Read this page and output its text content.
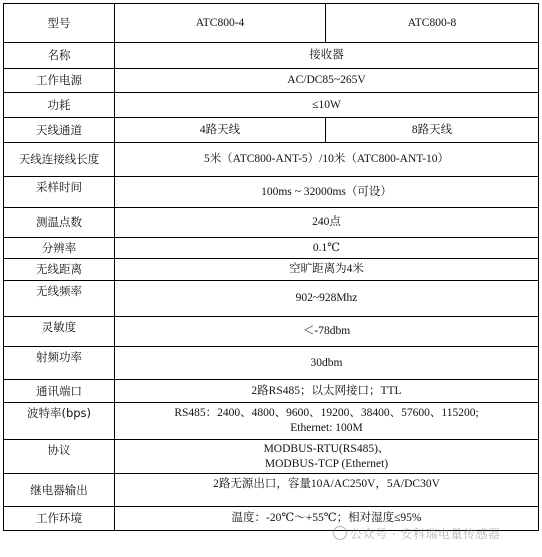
型号	ATC800-4	ATC800-8
名称	接收器	
工作电源	AC/DC85~265V	
功耗	≤10W	
天线通道	4路天线	8路天线
天线连接线长度	5米（ATC800-ANT-5）/10米（ATC800-ANT-10）	
采样时间	100ms ~ 32000ms（可设）	
测温点数	240点	
分辨率	0.1℃	
无线距离	空旷距离为4米	
无线频率	902~928Mhz	
灵敏度	＜-78dbm	
射频功率	30dbm	
通讯端口	2路RS485；以太网接口；TTL	
波特率(bps)	RS485：2400、4800、9600、19200、38400、57600、115200;
Ethernet: 100M	

协议	MODBUS-RTU(RS485)、
MODBUS-TCP (Ethernet)	

继电器输出	2路无源出口，容量10A/AC250V，5A/DC30V	
工作环境	温度：-20℃～+55℃；相对湿度≤95%	
公众号 · 安科瑞电量传感器
